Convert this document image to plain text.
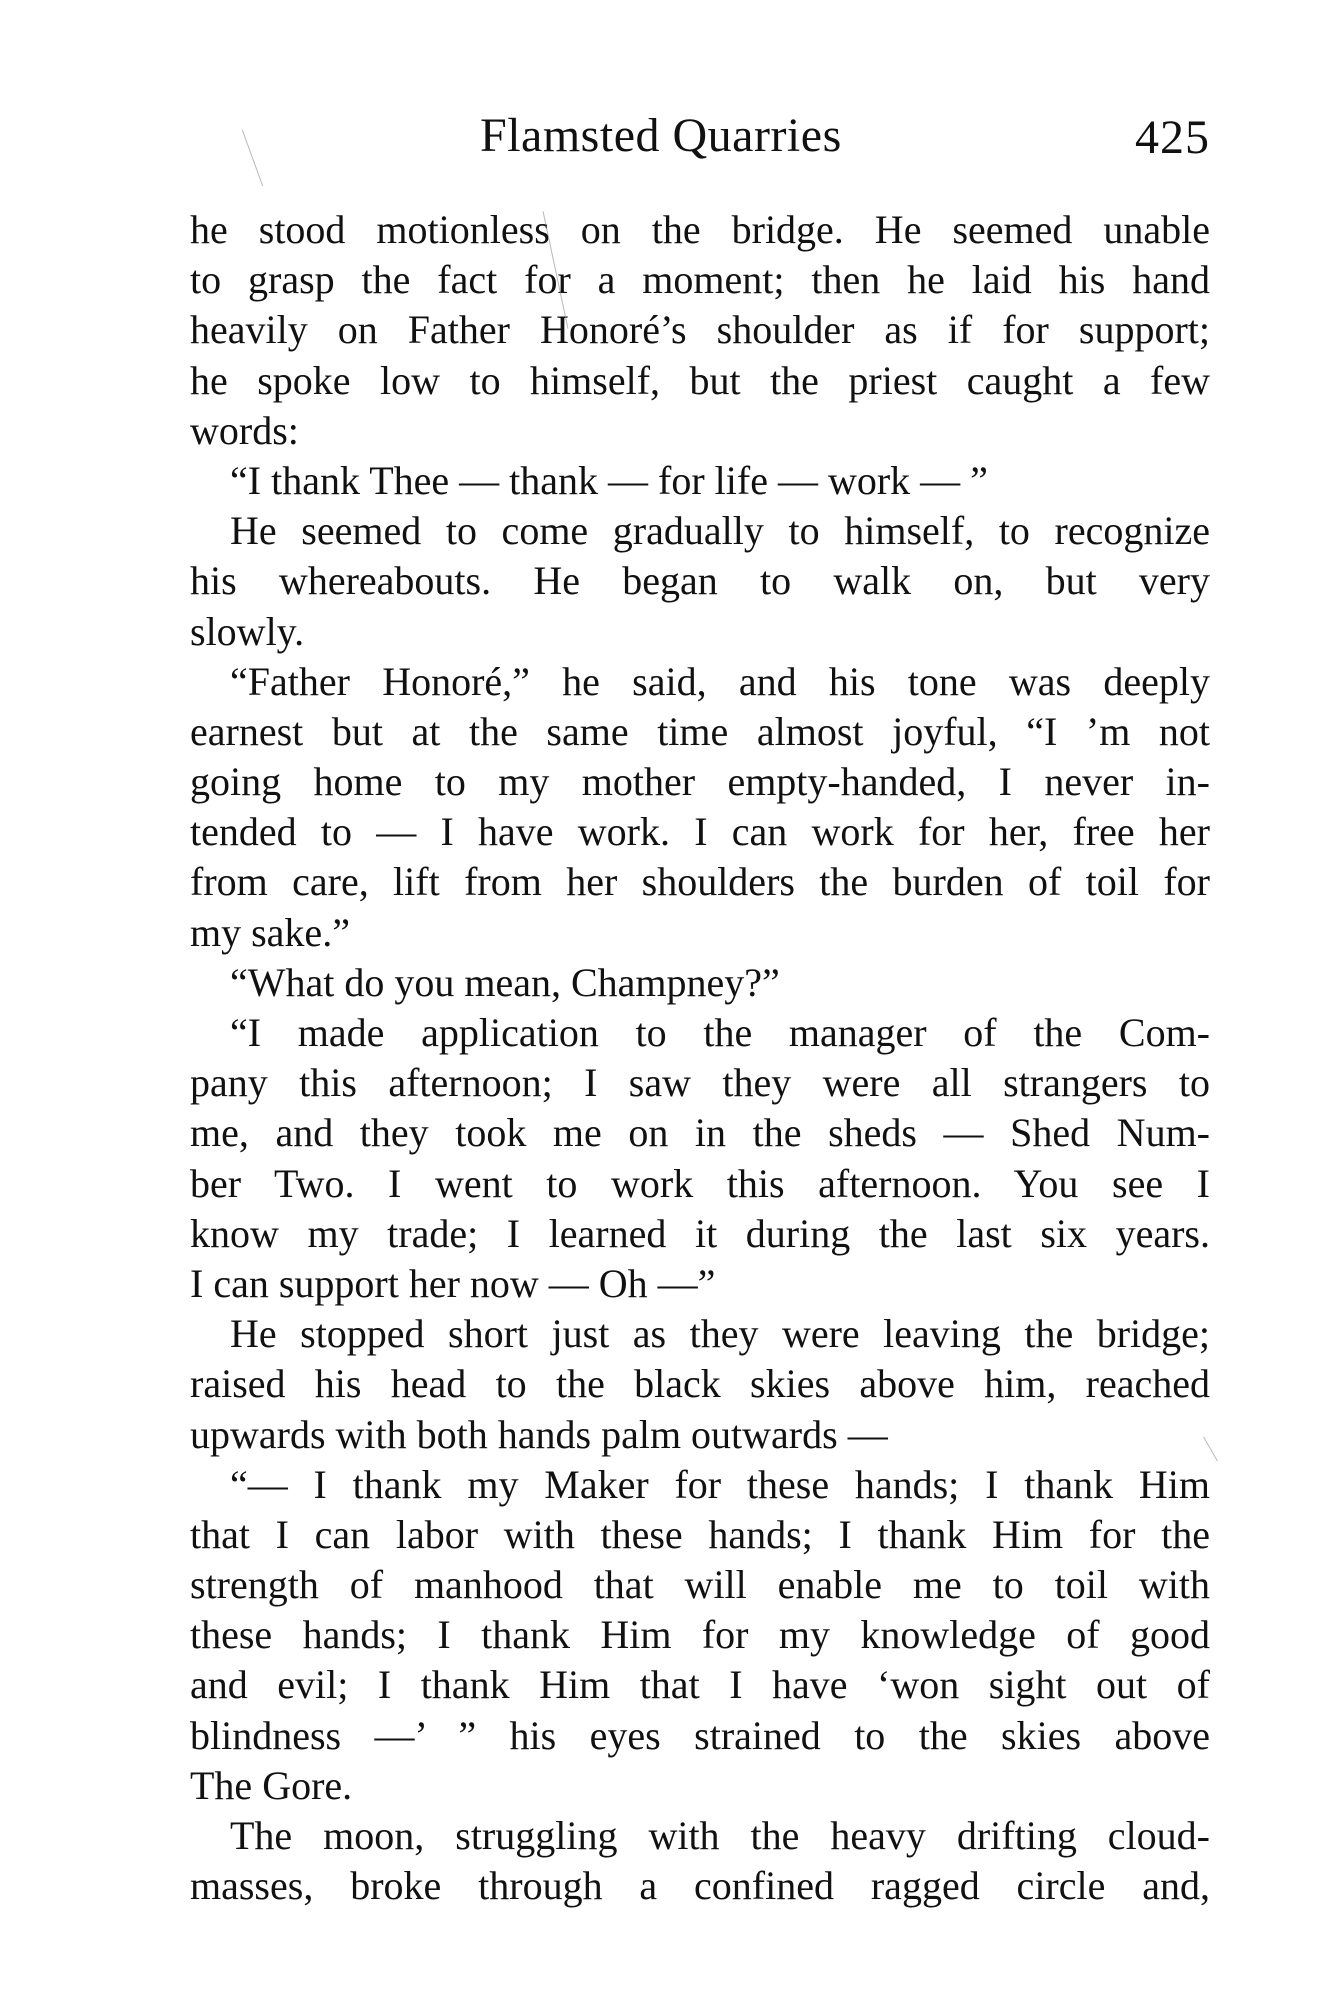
Flamsted Quarries	425
he stood motionless on the bridge. He seemed unable
to grasp the fact for a moment; then he laid his hand
heavily on Father Honoré’s shoulder as if for support;
he spoke low to himself, but the priest caught a few
words:
“I thank Thee — thank — for life — work — ”
He seemed to come gradually to himself, to recognize
his whereabouts. He began to walk on, but very
slowly.
“Father Honoré,” he said, and his tone was deeply
earnest but at the same time almost joyful, “I ’m not
going home to my mother empty-handed, I never in-
tended to — I have work. I can work for her, free her
from care, lift from her shoulders the burden of toil for
my sake.”
“What do you mean, Champney?”
“I made application to the manager of the Com-
pany this afternoon; I saw they were all strangers to
me, and they took me on in the sheds — Shed Num-
ber Two. I went to work this afternoon. You see I
know my trade; I learned it during the last six years.
I can support her now — Oh —”
He stopped short just as they were leaving the bridge;
raised his head to the black skies above him, reached
upwards with both hands palm outwards —
“— I thank my Maker for these hands; I thank Him
that I can labor with these hands; I thank Him for the
strength of manhood that will enable me to toil with
these hands; I thank Him for my knowledge of good
and evil; I thank Him that I have ‘won sight out of
blindness —’ ” his eyes strained to the skies above
The Gore.
The moon, struggling with the heavy drifting cloud-
masses, broke through a confined ragged circle and,
